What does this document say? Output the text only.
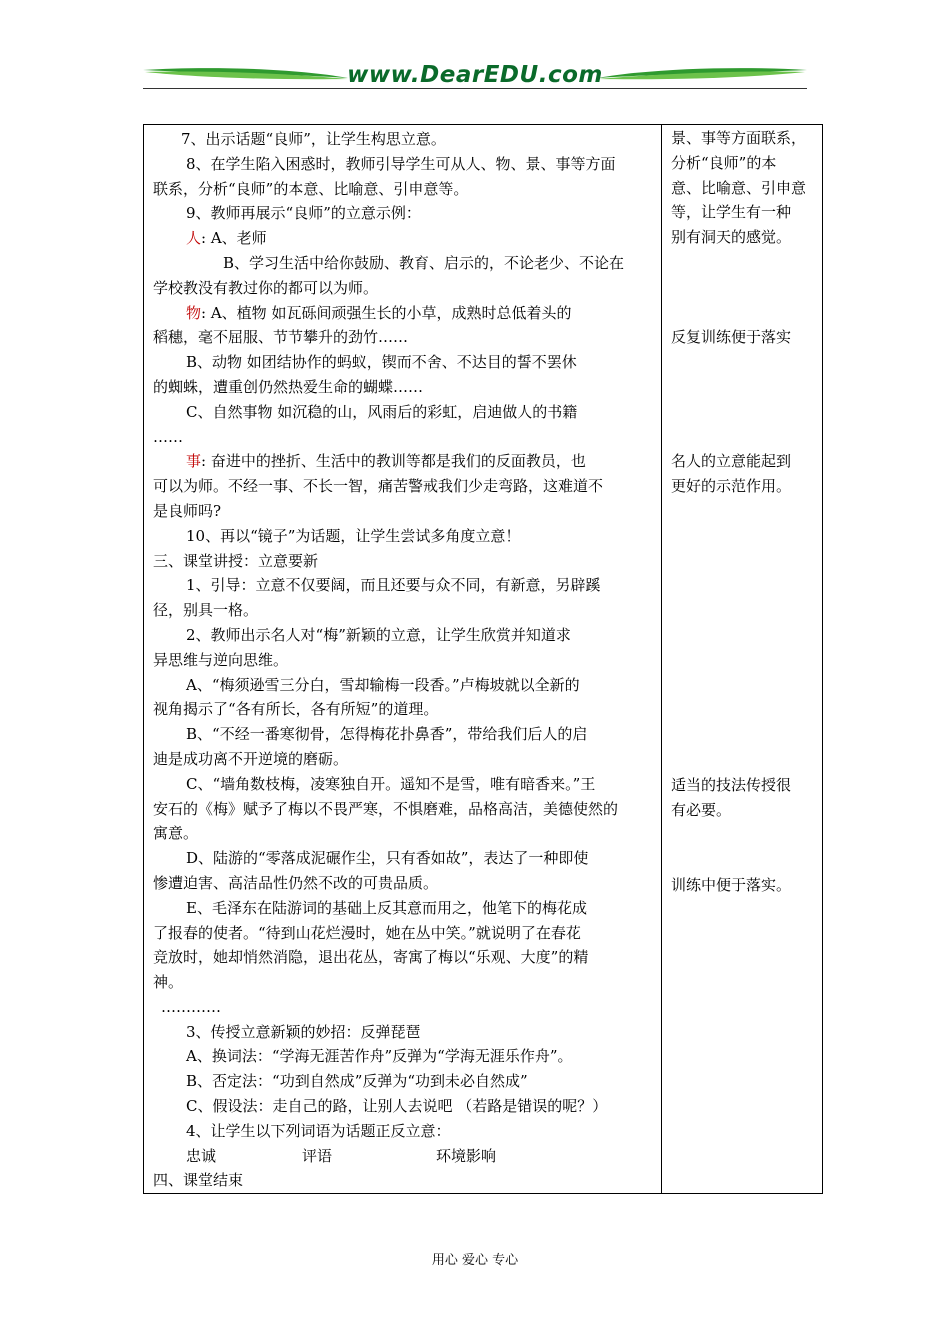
www.DearEDU.com
7、出示话题“良师”，让学生构思立意。
8、在学生陷入困惑时，教师引导学生可从人、物、景、事等方面
联系，分析“良师”的本意、比喻意、引申意等。
9、教师再展示“良师”的立意示例：
人: A、老师
B、学习生活中给你鼓励、教育、启示的，不论老少、不论在
学校教没有教过你的都可以为师。
物: A、植物 如瓦砾间顽强生长的小草，成熟时总低着头的
稻穗，毫不屈服、节节攀升的劲竹……
B、动物 如团结协作的蚂蚁，锲而不舍、不达目的誓不罢休
的蜘蛛，遭重创仍然热爱生命的蝴蝶……
C、自然事物 如沉稳的山，风雨后的彩虹，启迪做人的书籍
……
事: 奋进中的挫折、生活中的教训等都是我们的反面教员，也
可以为师。不经一事、不长一智，痛苦警戒我们少走弯路，这难道不
是良师吗?
10、再以“镜子”为话题，让学生尝试多角度立意！
三、课堂讲授：立意要新
1、引导：立意不仅要阔，而且还要与众不同，有新意，另辟蹊
径，别具一格。
2、教师出示名人对“梅”新颖的立意，让学生欣赏并知道求
异思维与逆向思维。
A、“梅须逊雪三分白，雪却输梅一段香。”卢梅坡就以全新的
视角揭示了“各有所长，各有所短”的道理。
B、“不经一番寒彻骨，怎得梅花扑鼻香”，带给我们后人的启
迪是成功离不开逆境的磨砺。
C、“墙角数枝梅，凌寒独自开。遥知不是雪，唯有暗香来。”王
安石的《梅》赋予了梅以不畏严寒，不惧磨难，品格高洁，美德使然的
寓意。
D、陆游的“零落成泥碾作尘，只有香如故”，表达了一种即使
惨遭迫害、高洁品性仍然不改的可贵品质。
E、毛泽东在陆游词的基础上反其意而用之，他笔下的梅花成
了报春的使者。“待到山花烂漫时，她在丛中笑。”就说明了在春花
竞放时，她却悄然消隐，退出花丛，寄寓了梅以“乐观、大度”的精
神。
…………
3、传授立意新颖的妙招：反弹琵琶
A、换词法：“学海无涯苦作舟”反弹为“学海无涯乐作舟”。
B、否定法：“功到自然成”反弹为“功到未必自然成”
C、假设法：走自己的路，让别人去说吧 （若路是错误的呢？）
4、让学生以下列词语为话题正反立意：
忠诚	评语	环境影响
四、课堂结束

景、事等方面联系，
分析“良师”的本
意、比喻意、引申意
等，让学生有一种
别有洞天的感觉。
反复训练便于落实
名人的立意能起到
更好的示范作用。
适当的技法传授很
有必要。
训练中便于落实。
用心 爱心 专心
